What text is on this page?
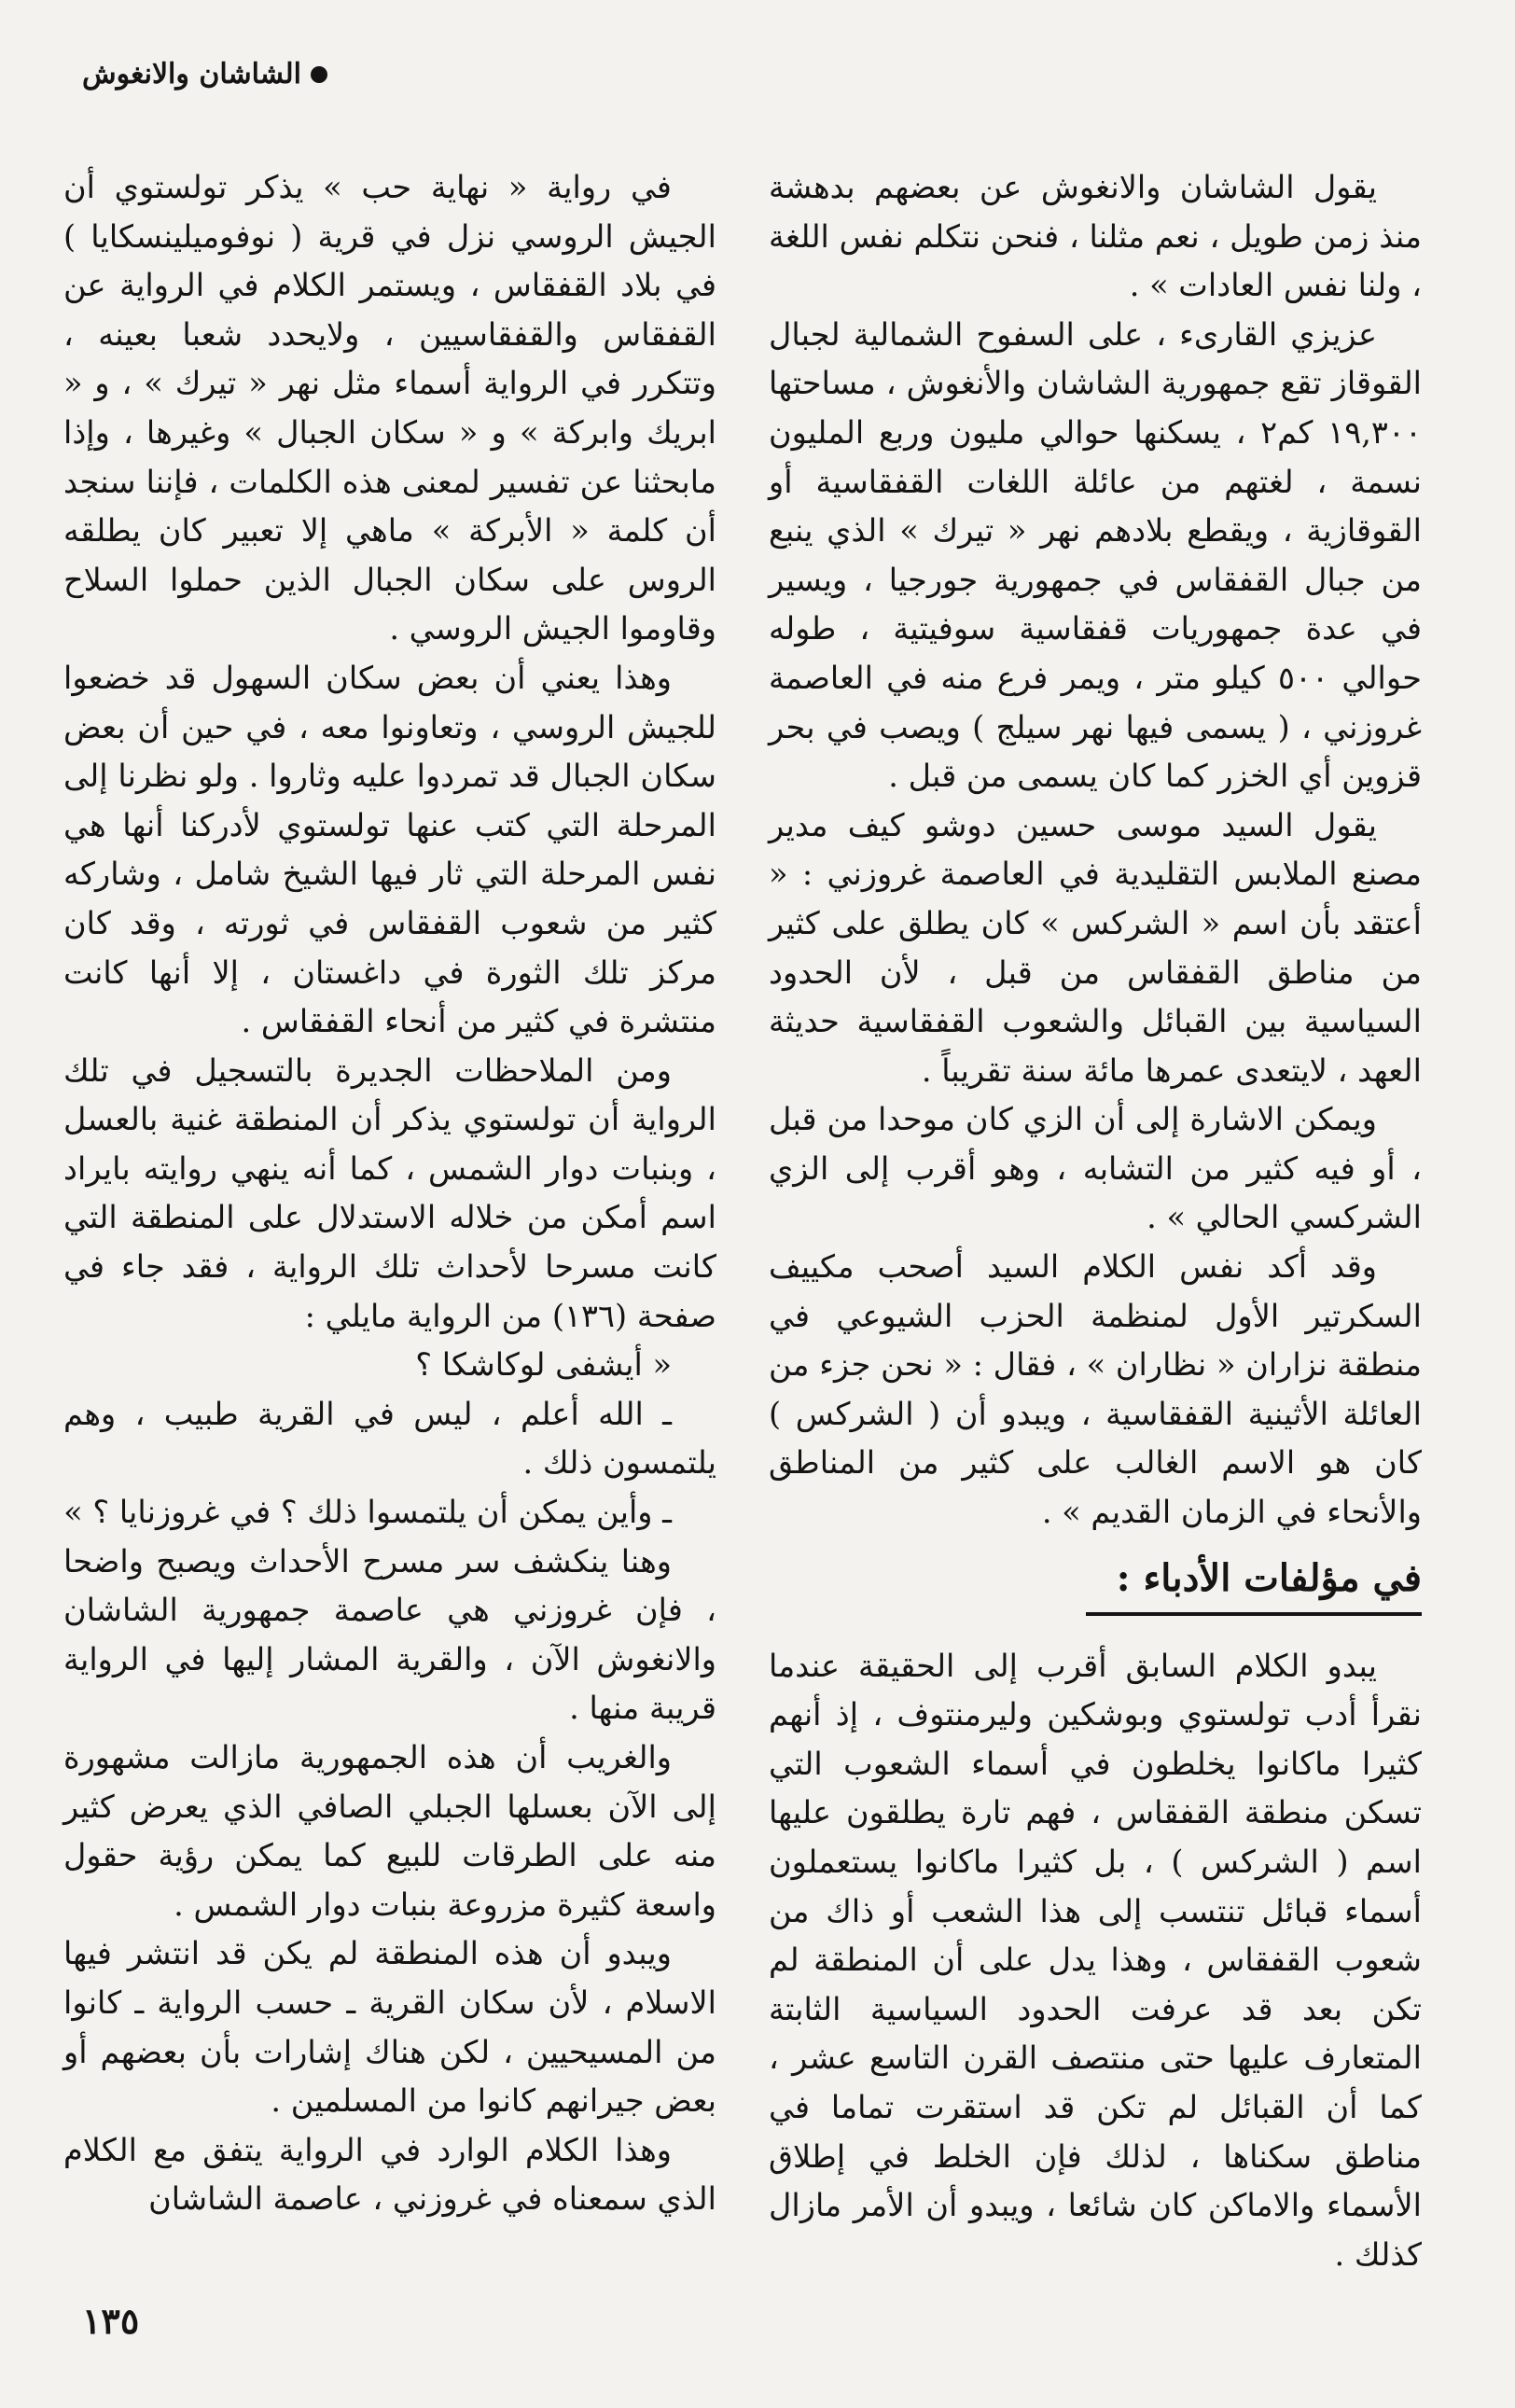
الشاشان والانغوش

يقول الشاشان والانغوش عن بعضهم بدهشة منذ زمن طويل ، نعم مثلنا ، فنحن نتكلم نفس اللغة ، ولنا نفس العادات » .

عزيزي القارىء ، على السفوح الشمالية لجبال القوقاز تقع جمهورية الشاشان والأنغوش ، مساحتها ١٩,٣٠٠ كم٢ ، يسكنها حوالي مليون وربع المليون نسمة ، لغتهم من عائلة اللغات القفقاسية أو القوقازية ، ويقطع بلادهم نهر « تيرك » الذي ينبع من جبال القفقاس في جمهورية جورجيا ، ويسير في عدة جمهوريات قفقاسية سوفيتية ، طوله حوالي ٥٠٠ كيلو متر ، ويمر فرع منه في العاصمة غروزني ، ( يسمى فيها نهر سيلج ) ويصب في بحر قزوين أي الخزر كما كان يسمى من قبل .

يقول السيد موسى حسين دوشو كيف مدير مصنع الملابس التقليدية في العاصمة غروزني : « أعتقد بأن اسم « الشركس » كان يطلق على كثير من مناطق القفقاس من قبل ، لأن الحدود السياسية بين القبائل والشعوب القفقاسية حديثة العهد ، لايتعدى عمرها مائة سنة تقريباً .

ويمكن الاشارة إلى أن الزي كان موحدا من قبل ، أو فيه كثير من التشابه ، وهو أقرب إلى الزي الشركسي الحالي » .

وقد أكد نفس الكلام السيد أصحب مكييف السكرتير الأول لمنظمة الحزب الشيوعي في منطقة نزاران « نظاران » ، فقال : « نحن جزء من العائلة الأثينية القفقاسية ، ويبدو أن ( الشركس ) كان هو الاسم الغالب على كثير من المناطق والأنحاء في الزمان القديم » .

في مؤلفات الأدباء :

يبدو الكلام السابق أقرب إلى الحقيقة عندما نقرأ أدب تولستوي وبوشكين وليرمنتوف ، إذ أنهم كثيرا ماكانوا يخلطون في أسماء الشعوب التي تسكن منطقة القفقاس ، فهم تارة يطلقون عليها اسم ( الشركس ) ، بل كثيرا ماكانوا يستعملون أسماء قبائل تنتسب إلى هذا الشعب أو ذاك من شعوب القفقاس ، وهذا يدل على أن المنطقة لم تكن بعد قد عرفت الحدود السياسية الثابتة المتعارف عليها حتى منتصف القرن التاسع عشر ، كما أن القبائل لم تكن قد استقرت تماما في مناطق سكناها ، لذلك فإن الخلط في إطلاق الأسماء والاماكن كان شائعا ، ويبدو أن الأمر مازال كذلك .

في رواية « نهاية حب » يذكر تولستوي أن الجيش الروسي نزل في قرية ( نوفوميلينسكايا ) في بلاد القفقاس ، ويستمر الكلام في الرواية عن القفقاس والقفقاسيين ، ولايحدد شعبا بعينه ، وتتكرر في الرواية أسماء مثل نهر « تيرك » ، و « ابريك وابركة » و « سكان الجبال » وغيرها ، وإذا مابحثنا عن تفسير لمعنى هذه الكلمات ، فإننا سنجد أن كلمة « الأبركة » ماهي إلا تعبير كان يطلقه الروس على سكان الجبال الذين حملوا السلاح وقاوموا الجيش الروسي .

وهذا يعني أن بعض سكان السهول قد خضعوا للجيش الروسي ، وتعاونوا معه ، في حين أن بعض سكان الجبال قد تمردوا عليه وثاروا . ولو نظرنا إلى المرحلة التي كتب عنها تولستوي لأدركنا أنها هي نفس المرحلة التي ثار فيها الشيخ شامل ، وشاركه كثير من شعوب القفقاس في ثورته ، وقد كان مركز تلك الثورة في داغستان ، إلا أنها كانت منتشرة في كثير من أنحاء القفقاس .

ومن الملاحظات الجديرة بالتسجيل في تلك الرواية أن تولستوي يذكر أن المنطقة غنية بالعسل ، وبنبات دوار الشمس ، كما أنه ينهي روايته بايراد اسم أمكن من خلاله الاستدلال على المنطقة التي كانت مسرحا لأحداث تلك الرواية ، فقد جاء في صفحة (١٣٦) من الرواية مايلي :

« أيشفى لوكاشكا ؟

ـ الله أعلم ، ليس في القرية طبيب ، وهم يلتمسون ذلك .

ـ وأين يمكن أن يلتمسوا ذلك ؟ في غروزنايا ؟ »

وهنا ينكشف سر مسرح الأحداث ويصبح واضحا ، فإن غروزني هي عاصمة جمهورية الشاشان والانغوش الآن ، والقرية المشار إليها في الرواية قريبة منها .

والغريب أن هذه الجمهورية مازالت مشهورة إلى الآن بعسلها الجبلي الصافي الذي يعرض كثير منه على الطرقات للبيع كما يمكن رؤية حقول واسعة كثيرة مزروعة بنبات دوار الشمس .

ويبدو أن هذه المنطقة لم يكن قد انتشر فيها الاسلام ، لأن سكان القرية ـ حسب الرواية ـ كانوا من المسيحيين ، لكن هناك إشارات بأن بعضهم أو بعض جيرانهم كانوا من المسلمين .

وهذا الكلام الوارد في الرواية يتفق مع الكلام الذي سمعناه في غروزني ، عاصمة الشاشان

١٣٥
